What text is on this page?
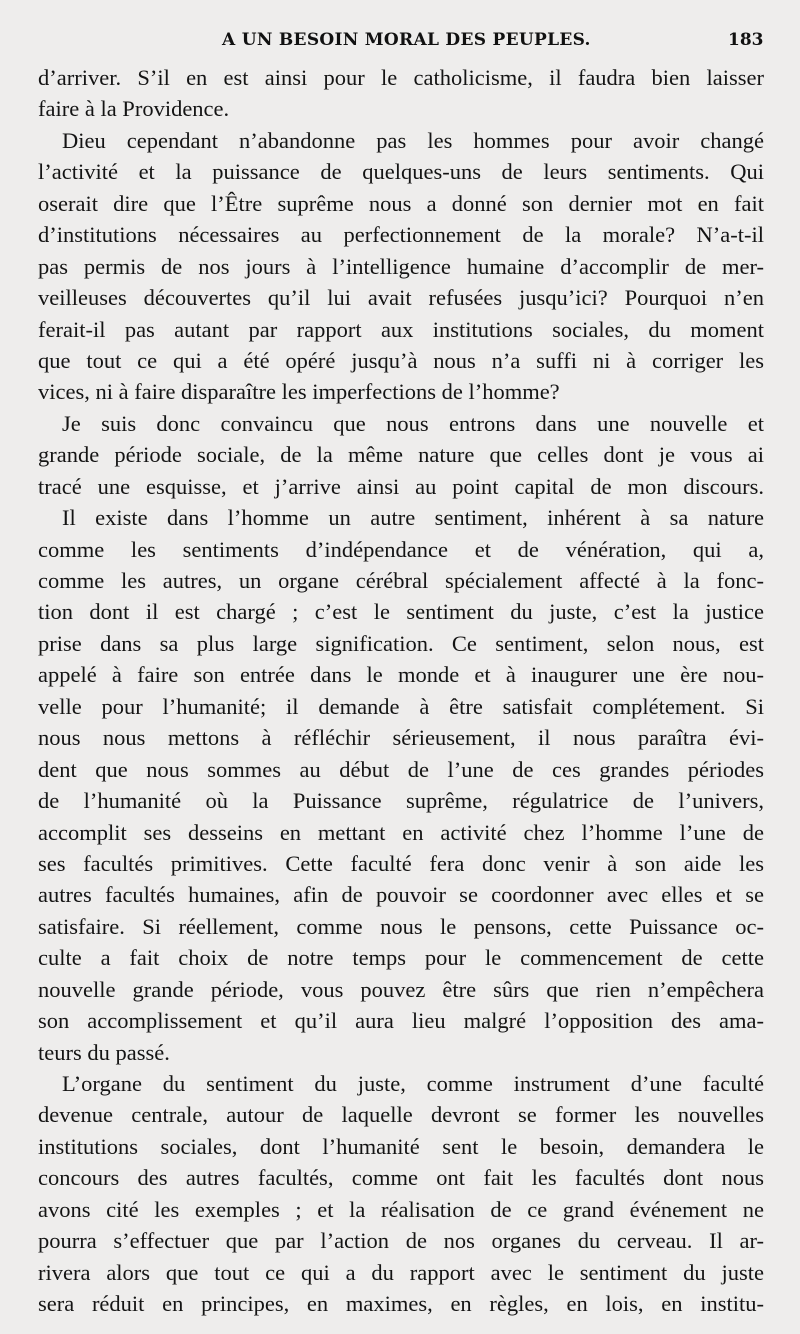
A UN BESOIN MORAL DES PEUPLES.	183
d’arriver. S’il en est ainsi pour le catholicisme, il faudra bien laisser
faire à la Providence.
Dieu cependant n’abandonne pas les hommes pour avoir changé
l’activité et la puissance de quelques-uns de leurs sentiments. Qui
oserait dire que l’Être suprême nous a donné son dernier mot en fait
d’institutions nécessaires au perfectionnement de la morale? N’a-t-il
pas permis de nos jours à l’intelligence humaine d’accomplir de mer-
veilleuses découvertes qu’il lui avait refusées jusqu’ici? Pourquoi n’en
ferait-il pas autant par rapport aux institutions sociales, du moment
que tout ce qui a été opéré jusqu’à nous n’a suffi ni à corriger les
vices, ni à faire disparaître les imperfections de l’homme?
Je suis donc convaincu que nous entrons dans une nouvelle et
grande période sociale, de la même nature que celles dont je vous ai
tracé une esquisse, et j’arrive ainsi au point capital de mon discours.
Il existe dans l’homme un autre sentiment, inhérent à sa nature
comme les sentiments d’indépendance et de vénération, qui a,
comme les autres, un organe cérébral spécialement affecté à la fonc-
tion dont il est chargé ; c’est le sentiment du juste, c’est la justice
prise dans sa plus large signification. Ce sentiment, selon nous, est
appelé à faire son entrée dans le monde et à inaugurer une ère nou-
velle pour l’humanité; il demande à être satisfait complétement. Si
nous nous mettons à réfléchir sérieusement, il nous paraîtra évi-
dent que nous sommes au début de l’une de ces grandes périodes
de l’humanité où la Puissance suprême, régulatrice de l’univers,
accomplit ses desseins en mettant en activité chez l’homme l’une de
ses facultés primitives. Cette faculté fera donc venir à son aide les
autres facultés humaines, afin de pouvoir se coordonner avec elles et se
satisfaire. Si réellement, comme nous le pensons, cette Puissance oc-
culte a fait choix de notre temps pour le commencement de cette
nouvelle grande période, vous pouvez être sûrs que rien n’empêchera
son accomplissement et qu’il aura lieu malgré l’opposition des ama-
teurs du passé.
L’organe du sentiment du juste, comme instrument d’une faculté
devenue centrale, autour de laquelle devront se former les nouvelles
institutions sociales, dont l’humanité sent le besoin, demandera le
concours des autres facultés, comme ont fait les facultés dont nous
avons cité les exemples ; et la réalisation de ce grand événement ne
pourra s’effectuer que par l’action de nos organes du cerveau. Il ar-
rivera alors que tout ce qui a du rapport avec le sentiment du juste
sera réduit en principes, en maximes, en règles, en lois, en institu-
